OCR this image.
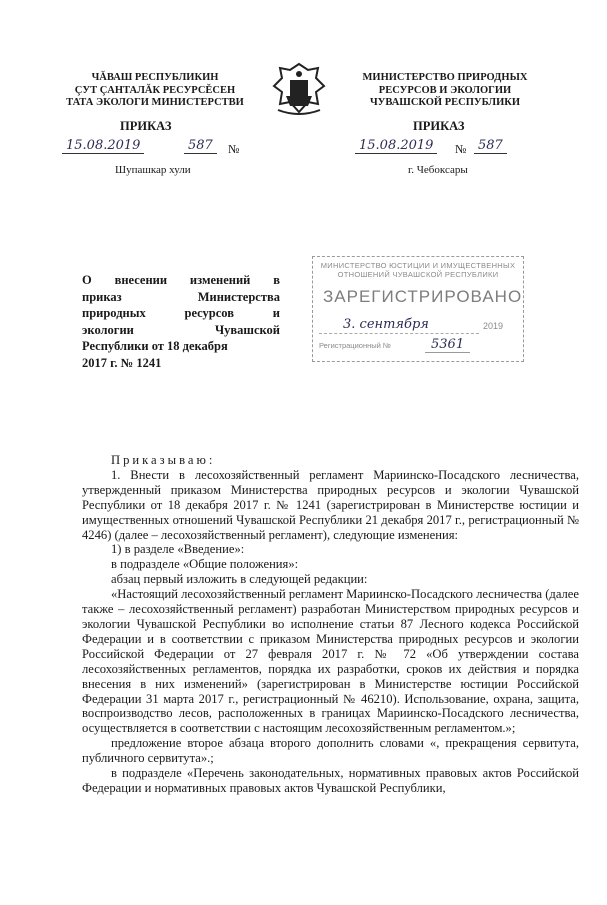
ЧĂВАШ РЕСПУБЛИКИН
ÇУТ ÇАНТАЛĂК РЕСУРСĔСЕН
ТАТА ЭКОЛОГИ МИНИСТЕРСТВИ
МИНИСТЕРСТВО ПРИРОДНЫХ
РЕСУРСОВ И ЭКОЛОГИИ
ЧУВАШСКОЙ РЕСПУБЛИКИ
ПРИКАЗ	ПРИКАЗ
15.08.2019	587	№	15.08.2019	№ 587
Шупашкар хули	г. Чебоксары
О внесении изменений в
приказ	Министерства
природных	ресурсов	и
экологии	Чувашской
Республики от 18 декабря
2017 г. № 1241
МИНИСТЕРСТВО ЮСТИЦИИ И ИМУЩЕСТВЕННЫХ
ОТНОШЕНИЙ ЧУВАШСКОЙ РЕСПУБЛИКИ
ЗАРЕГИСТРИРОВАНО
3. сентября	2019
Регистрационный №	5361

Приказываю:

1. Внести в лесохозяйственный регламент Мариинско-Посадского лесничества, утвержденный приказом Министерства природных ресурсов и экологии Чувашской Республики от 18 декабря 2017 г. № 1241 (зарегистрирован в Министерстве юстиции и имущественных отношений Чувашской Республики 21 декабря 2017 г., регистрационный № 4246) (далее – лесохозяйственный регламент), следующие изменения:

1) в разделе «Введение»:

в подразделе «Общие положения»:

абзац первый изложить в следующей редакции:

«Настоящий лесохозяйственный регламент Мариинско-Посадского лесничества (далее также – лесохозяйственный регламент) разработан Министерством природных ресурсов и экологии Чувашской Республики во исполнение статьи 87 Лесного кодекса Российской Федерации и в соответствии с приказом Министерства природных ресурсов и экологии Российской Федерации от 27 февраля 2017 г. № 72 «Об утверждении состава лесохозяйственных регламентов, порядка их разработки, сроков их действия и порядка внесения в них изменений» (зарегистрирован в Министерстве юстиции Российской Федерации 31 марта 2017 г., регистрационный № 46210). Использование, охрана, защита, воспроизводство лесов, расположенных в границах Мариинско-Посадского лесничества, осуществляется в соответствии с настоящим лесохозяйственным регламентом.»;

предложение второе абзаца второго дополнить словами «, прекращения сервитута, публичного сервитута».;

в подразделе «Перечень законодательных, нормативных правовых актов Российской Федерации и нормативных правовых актов Чувашской Республики,
